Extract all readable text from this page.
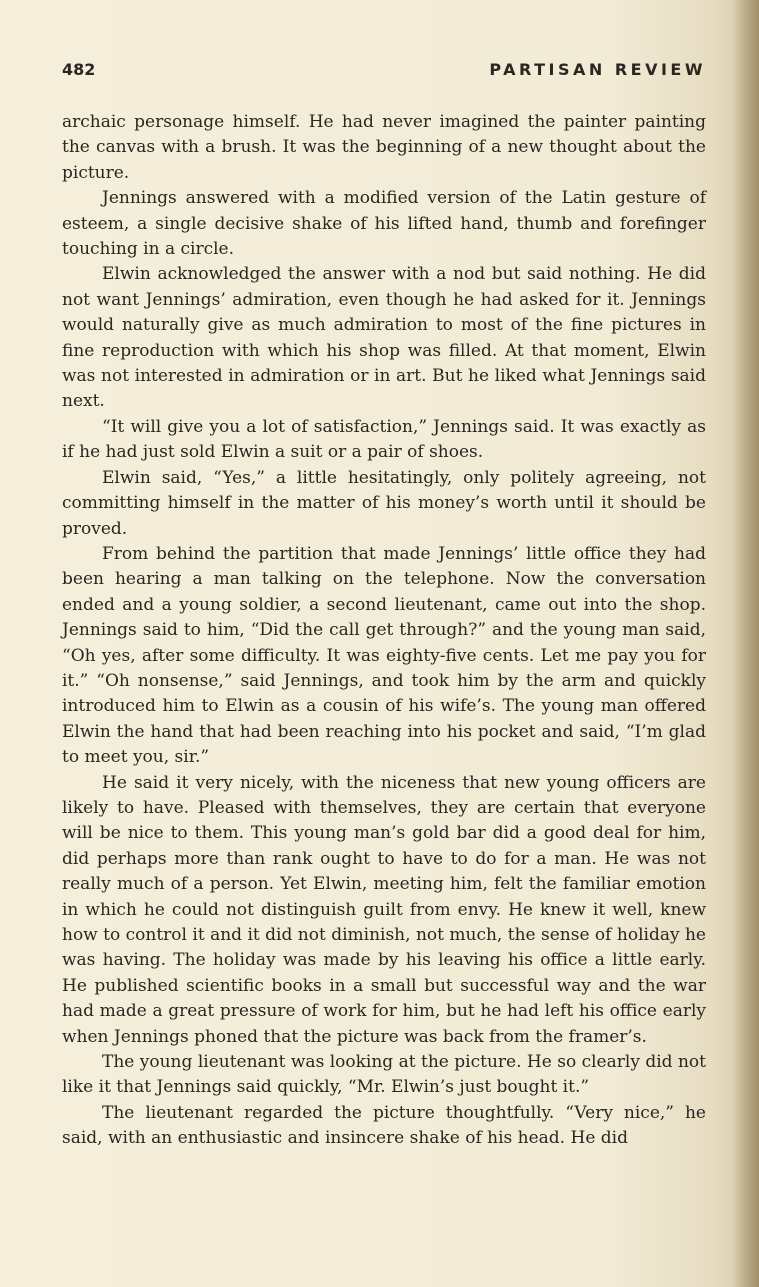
482	PARTISAN REVIEW

archaic personage himself. He had never imagined the painter painting the canvas with a brush. It was the beginning of a new thought about the picture.

Jennings answered with a modified version of the Latin gesture of esteem, a single decisive shake of his lifted hand, thumb and forefinger touching in a circle.

Elwin acknowledged the answer with a nod but said nothing. He did not want Jennings’ admiration, even though he had asked for it. Jennings would naturally give as much admiration to most of the fine pictures in fine reproduction with which his shop was filled. At that moment, Elwin was not interested in admiration or in art. But he liked what Jennings said next.

“It will give you a lot of satisfaction,” Jennings said. It was exactly as if he had just sold Elwin a suit or a pair of shoes.

Elwin said, “Yes,” a little hesitatingly, only politely agreeing, not committing himself in the matter of his money’s worth until it should be proved.

From behind the partition that made Jennings’ little office they had been hearing a man talking on the telephone. Now the conversation ended and a young soldier, a second lieutenant, came out into the shop. Jennings said to him, “Did the call get through?” and the young man said, “Oh yes, after some difficulty. It was eighty-five cents. Let me pay you for it.” “Oh nonsense,” said Jennings, and took him by the arm and quickly introduced him to Elwin as a cousin of his wife’s. The young man offered Elwin the hand that had been reaching into his pocket and said, “I’m glad to meet you, sir.”

He said it very nicely, with the niceness that new young officers are likely to have. Pleased with themselves, they are certain that everyone will be nice to them. This young man’s gold bar did a good deal for him, did perhaps more than rank ought to have to do for a man. He was not really much of a person. Yet Elwin, meeting him, felt the familiar emotion in which he could not distinguish guilt from envy. He knew it well, knew how to control it and it did not diminish, not much, the sense of holiday he was having. The holiday was made by his leaving his office a little early. He published scientific books in a small but successful way and the war had made a great pressure of work for him, but he had left his office early when Jennings phoned that the picture was back from the framer’s.

The young lieutenant was looking at the picture. He so clearly did not like it that Jennings said quickly, “Mr. Elwin’s just bought it.”

The lieutenant regarded the picture thoughtfully. “Very nice,” he said, with an enthusiastic and insincere shake of his head. He did
